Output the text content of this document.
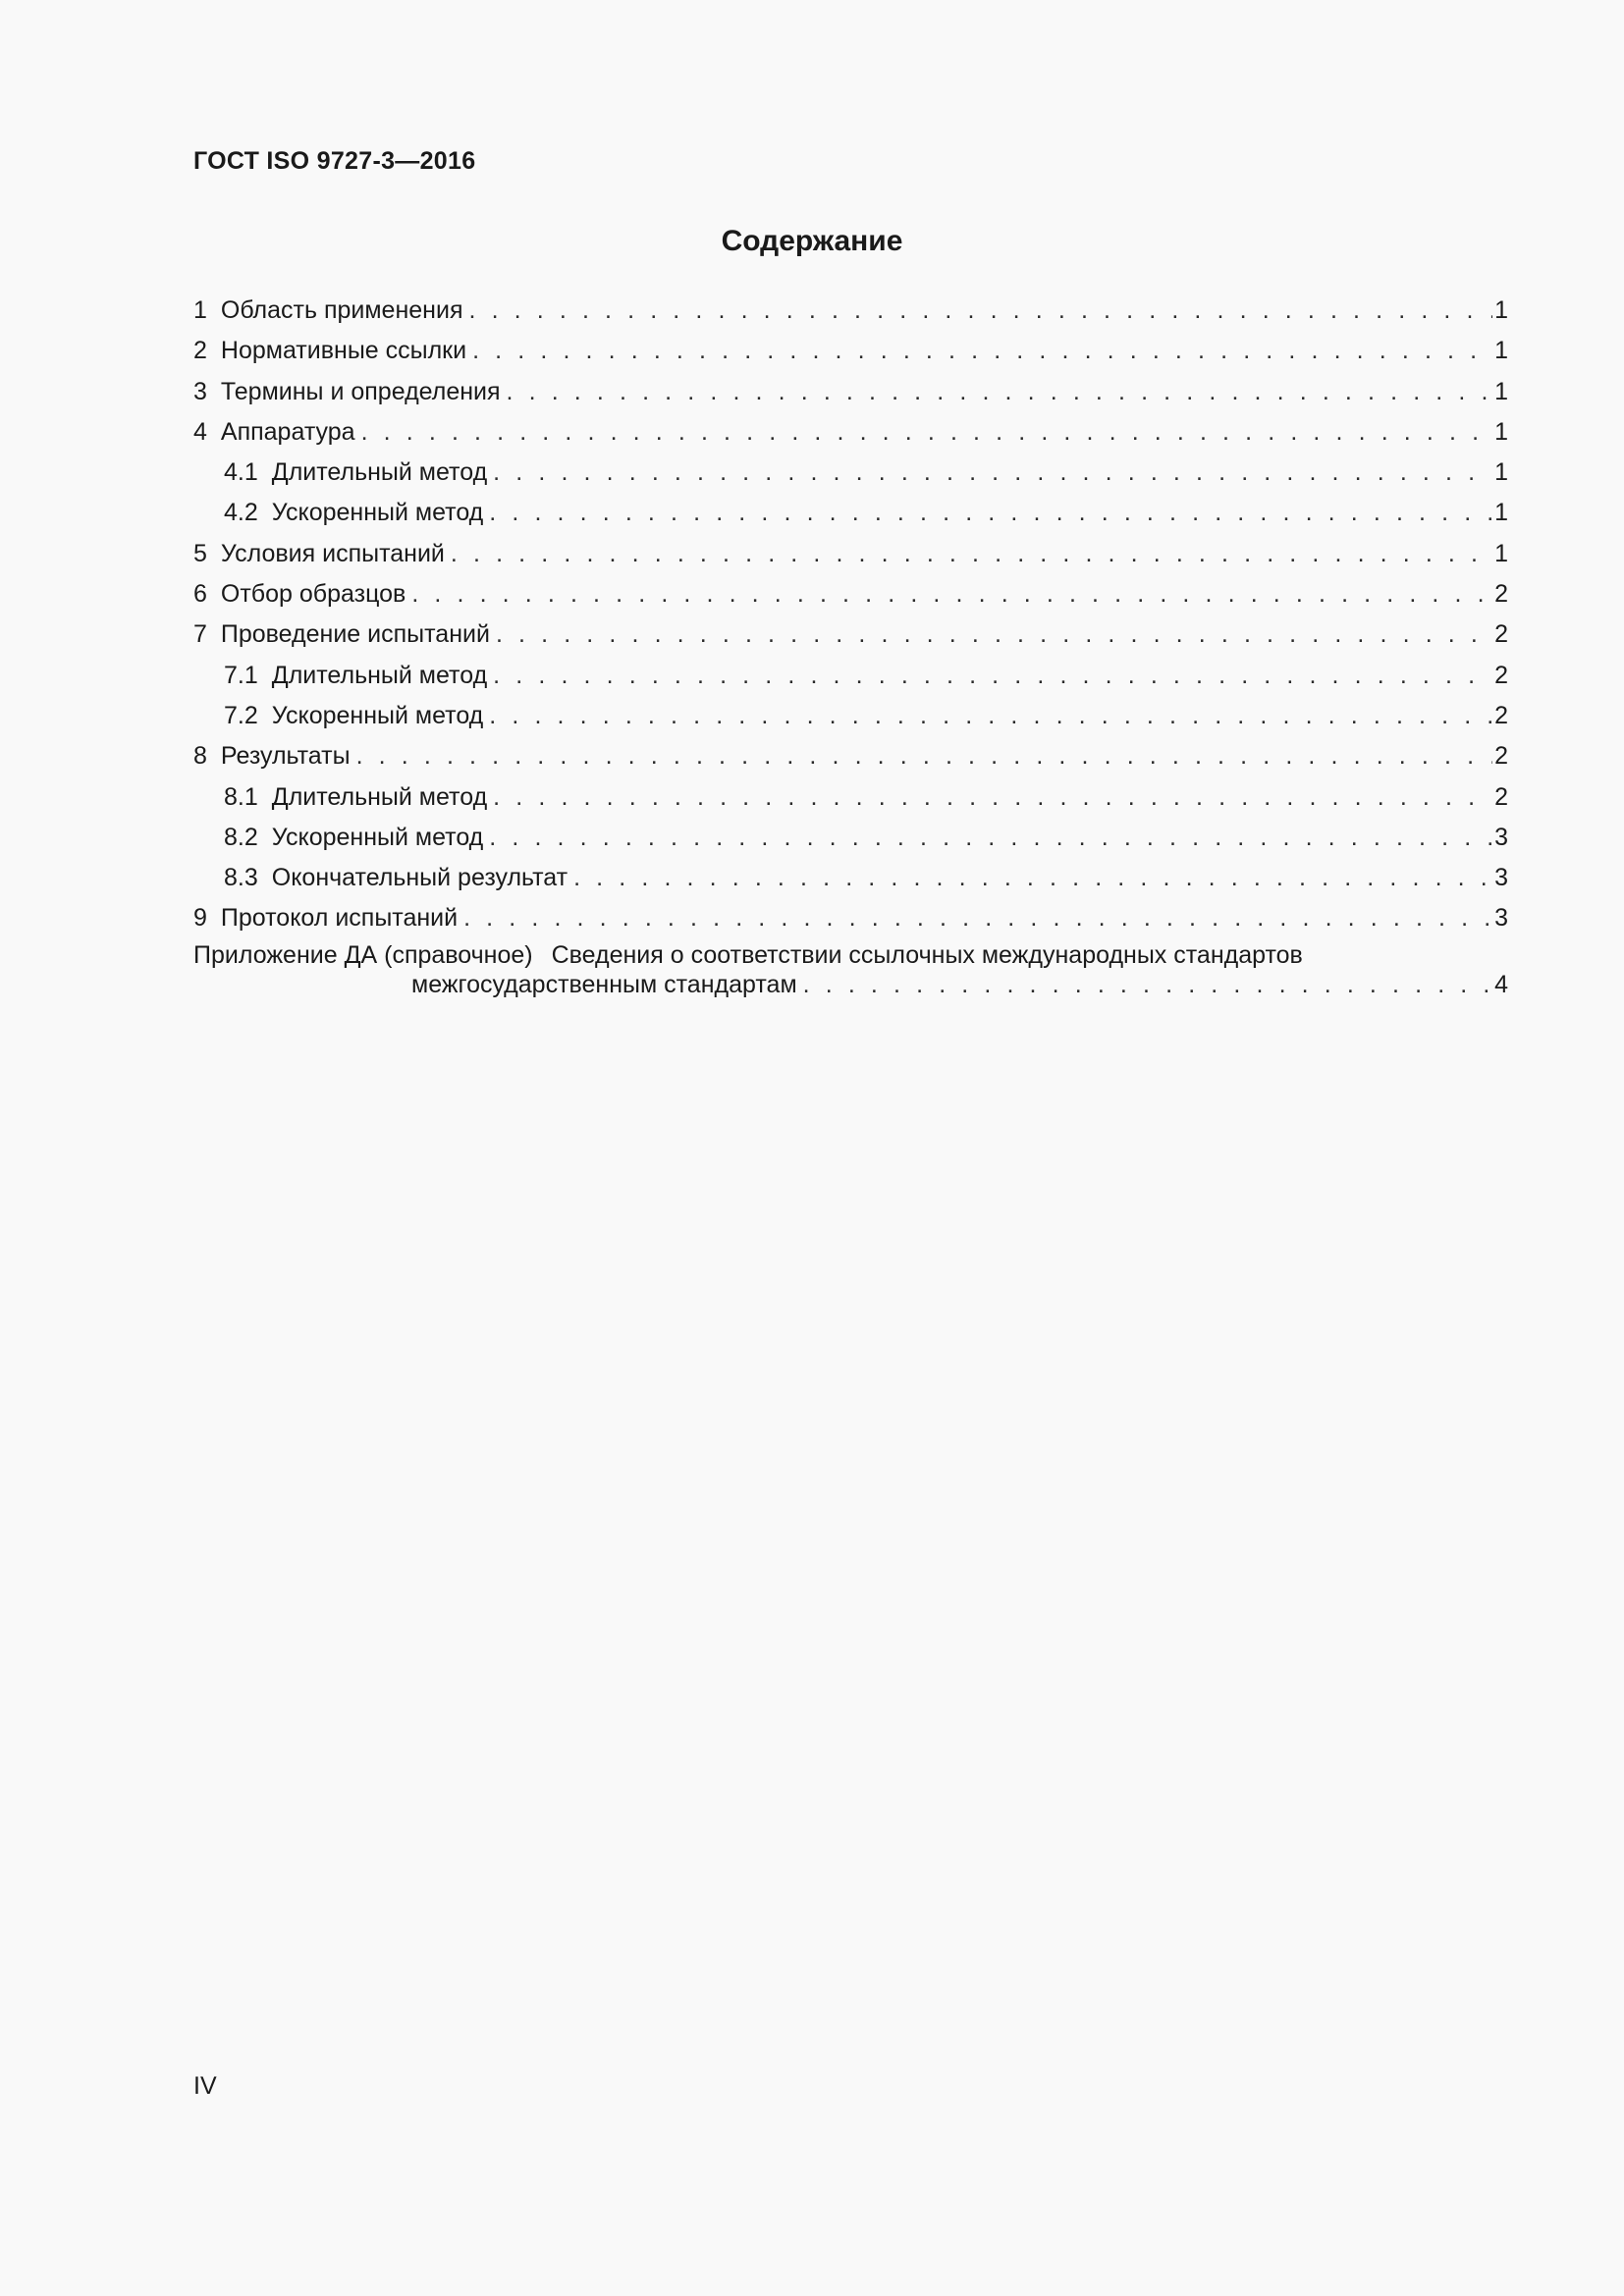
ГОСТ ISO 9727-3—2016
Содержание
1 Область применения . . .	1
2 Нормативные ссылки . . .	1
3 Термины и определения . . .	1
4 Аппаратура . . .	1
4.1 Длительный метод . . .	1
4.2 Ускоренный метод . . .	1
5 Условия испытаний . . .	1
6 Отбор образцов . . .	2
7 Проведение испытаний . . .	2
7.1 Длительный метод . . .	2
7.2 Ускоренный метод . . .	2
8 Результаты . . .	2
8.1 Длительный метод . . .	2
8.2 Ускоренный метод . . .	3
8.3 Окончательный результат . . .	3
9 Протокол испытаний . . .	3
Приложение ДА (справочное) Сведения о соответствии ссылочных международных стандартов
межгосударственным стандартам . . .	4
IV
